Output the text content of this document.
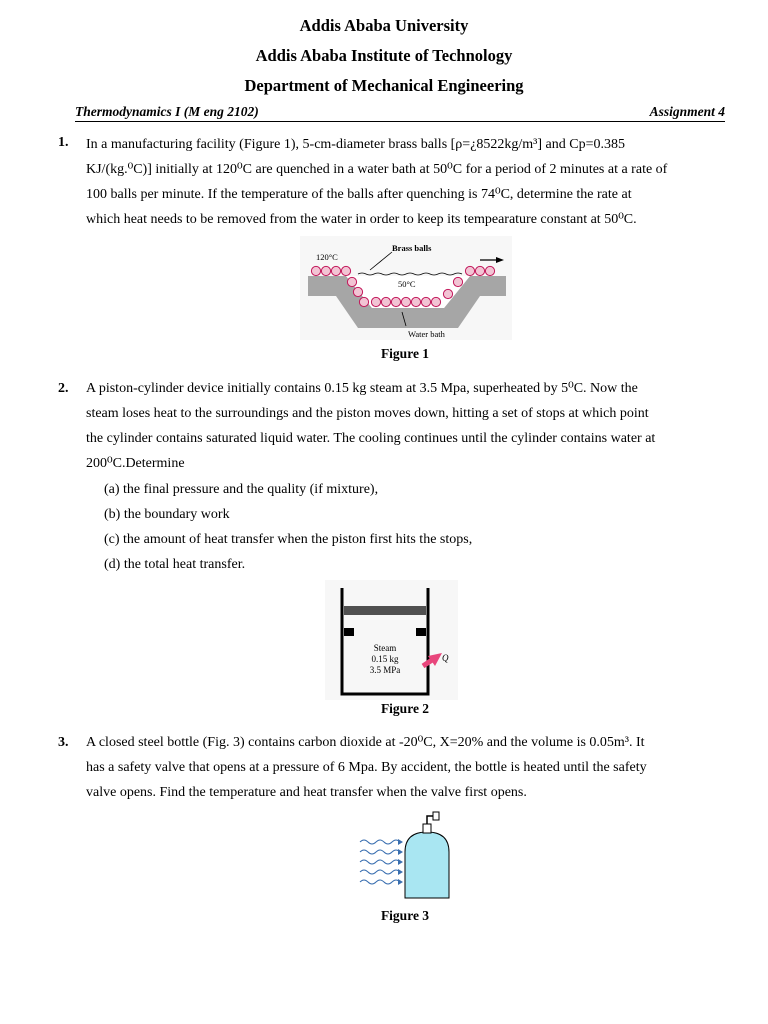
Addis Ababa University
Addis Ababa Institute of Technology
Department of Mechanical Engineering
Thermodynamics I (M eng 2102)	Assignment 4
1. In a manufacturing facility (Figure 1), 5-cm-diameter brass balls [ρ=¿8522kg/m³] and Cp=0.385
KJ/(kg.⁰C)] initially at 120⁰C are quenched in a water bath at 50⁰C for a period of 2 minutes at a rate of
100 balls per minute. If the temperature of the balls after quenching is 74⁰C, determine the rate at
which heat needs to be removed from the water in order to keep its tempearature constant at 50⁰C.
120°C
Brass balls
50°C
Water bath
Figure 1
2. A piston-cylinder device initially contains 0.15 kg steam at 3.5 Mpa, superheated by 5⁰C. Now the
steam loses heat to the surroundings and the piston moves down, hitting a set of stops at which point
the cylinder contains saturated liquid water. The cooling continues until the cylinder contains water at
200⁰C.Determine
(a) the final pressure and the quality (if mixture),
(b) the boundary work
(c) the amount of heat transfer when the piston first hits the stops,
(d) the total heat transfer.
Steam
0.15 kg
3.5 MPa
Q
Figure 2
3. A closed steel bottle (Fig. 3) contains carbon dioxide at -20⁰C, X=20% and the volume is 0.05m³. It
has a safety valve that opens at a pressure of 6 Mpa. By accident, the bottle is heated until the safety
valve opens. Find the temperature and heat transfer when the valve first opens.
Figure 3
